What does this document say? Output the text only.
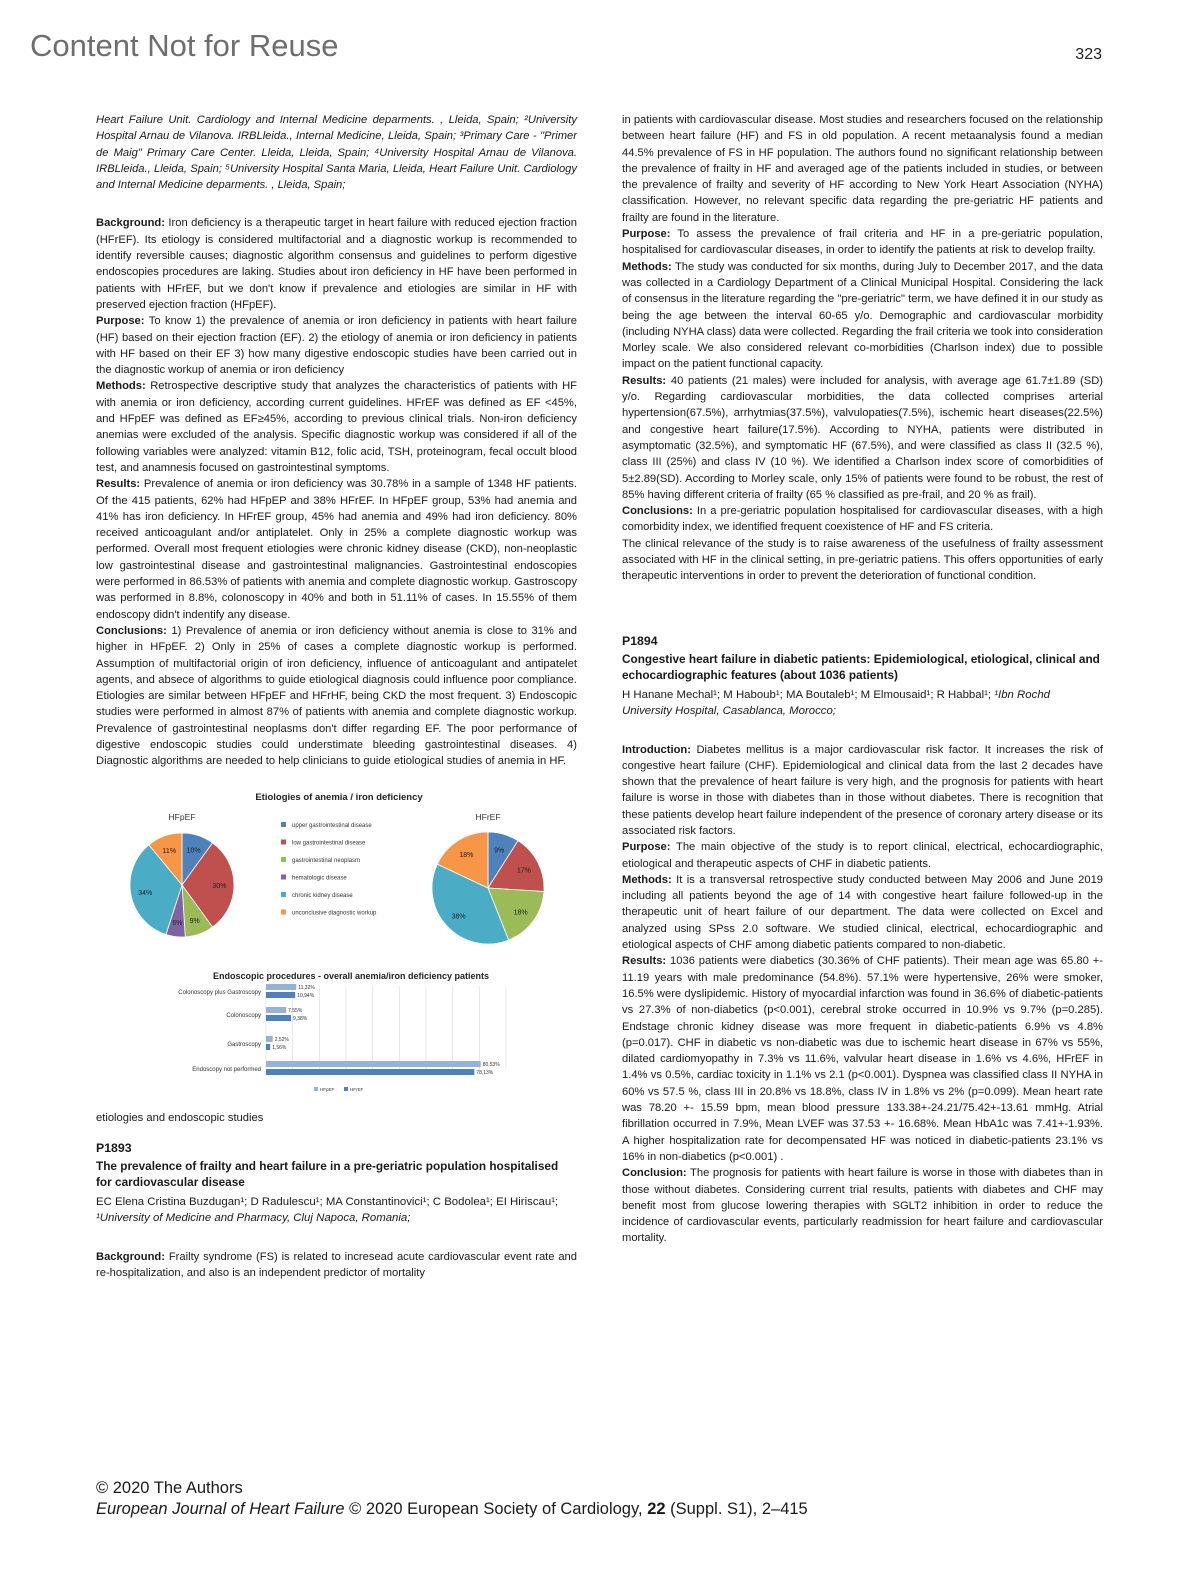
Content Not for Reuse	323

Heart Failure Unit. Cardiology and Internal Medicine deparments. , Lleida, Spain; ²University Hospital Arnau de Vilanova. IRBLleida., Internal Medicine, Lleida, Spain; ³Primary Care - "Primer de Maig" Primary Care Center. Lleida, Lleida, Spain; ⁴University Hospital Arnau de Vilanova. IRBLleida., Lleida, Spain; ⁵University Hospital Santa Maria, Lleida, Heart Failure Unit. Cardiology and Internal Medicine deparments. , Lleida, Spain;

Background: Iron deficiency is a therapeutic target in heart failure with reduced ejection fraction (HFrEF). Its etiology is considered multifactorial and a diagnostic workup is recommended to identify reversible causes; diagnostic algorithm consensus and guidelines to perform digestive endoscopies procedures are laking. Studies about iron deficiency in HF have been performed in patients with HFrEF, but we don't know if prevalence and etiologies are similar in HF with preserved ejection fraction (HFpEF).

Purpose: To know 1) the prevalence of anemia or iron deficiency in patients with heart failure (HF) based on their ejection fraction (EF). 2) the etiology of anemia or iron deficiency in patients with HF based on their EF 3) how many digestive endoscopic studies have been carried out in the diagnostic workup of anemia or iron deficiency

Methods: Retrospective descriptive study that analyzes the characteristics of patients with HF with anemia or iron deficiency, according current guidelines. HFrEF was defined as EF <45%, and HFpEF was defined as EF≥45%, according to previous clinical trials. Non-iron deficiency anemias were excluded of the analysis. Specific diagnostic workup was considered if all of the following variables were analyzed: vitamin B12, folic acid, TSH, proteinogram, fecal occult blood test, and anamnesis focused on gastrointestinal symptoms.

Results: Prevalence of anemia or iron deficiency was 30.78% in a sample of 1348 HF patients. Of the 415 patients, 62% had HFpEP and 38% HFrEF. In HFpEF group, 53% had anemia and 41% has iron deficiency. In HFrEF group, 45% had anemia and 49% had iron deficiency. 80% received anticoagulant and/or antiplatelet. Only in 25% a complete diagnostic workup was performed. Overall most frequent etiologies were chronic kidney disease (CKD), non-neoplastic low gastrointestinal disease and gastrointestinal malignancies. Gastrointestinal endoscopies were performed in 86.53% of patients with anemia and complete diagnostic workup. Gastroscopy was performed in 8.8%, colonoscopy in 40% and both in 51.11% of cases. In 15.55% of them endoscopy didn't indentify any disease.

Conclusions: 1) Prevalence of anemia or iron deficiency without anemia is close to 31% and higher in HFpEF. 2) Only in 25% of cases a complete diagnostic workup is performed. Assumption of multifactorial origin of iron deficiency, influence of anticoagulant and antipatelet agents, and absece of algorithms to guide etiological diagnosis could influence poor compliance. Etiologies are similar between HFpEF and HFrHF, being CKD the most frequent. 3) Endoscopic studies were performed in almost 87% of patients with anemia and complete diagnostic workup. Prevalence of gastrointestinal neoplasms don't differ regarding EF. The poor performance of digestive endoscopic studies could understimate bleeding gastrointestinal diseases. 4) Diagnostic algorithms are needed to help clinicians to guide etiological studies of anemia in HF.

Etiologies of anemia / iron deficiency
HFpEF
10%
30%
9%
6%
34%
11%
HFrEF
9%
17%
18%
38%
18%
upper gastrointestinal disease
low gastrointestinal disease
gastrointestinal neoplasm
hematologic disease
chronic kidney disease
unconclusive diagnostic workup
Endoscopic procedures - overall anemia/iron deficiency patients
Colonoscopy plus Gastroscopy
11,32%
10,94%
Colonoscopy
7,55%
9,38%
Gastroscopy
2,52%
1,56%
Endoscopy not performed
80,53%
78,13%
HFpEF	HFrEF

etiologies and endoscopic studies

P1893

The prevalence of frailty and heart failure in a pre-geriatric population hospitalised for cardiovascular disease

EC Elena Cristina Buzdugan¹; D Radulescu¹; MA Constantinovici¹; C Bodolea¹; EI Hiriscau¹; ¹University of Medicine and Pharmacy, Cluj Napoca, Romania;

Background: Frailty syndrome (FS) is related to incresead acute cardiovascular event rate and re-hospitalization, and also is an independent predictor of mortality

in patients with cardiovascular disease. Most studies and researchers focused on the relationship between heart failure (HF) and FS in old population. A recent metaanalysis found a median 44.5% prevalence of FS in HF population. The authors found no significant relationship between the prevalence of frailty in HF and averaged age of the patients included in studies, or between the prevalence of frailty and severity of HF according to New York Heart Association (NYHA) classification. However, no relevant specific data regarding the pre-geriatric HF patients and frailty are found in the literature.

Purpose: To assess the prevalence of frail criteria and HF in a pre-geriatric population, hospitalised for cardiovascular diseases, in order to identify the patients at risk to develop frailty.

Methods: The study was conducted for six months, during July to December 2017, and the data was collected in a Cardiology Department of a Clinical Municipal Hospital. Considering the lack of consensus in the literature regarding the "pre-geriatric" term, we have defined it in our study as being the age between the interval 60-65 y/o. Demographic and cardiovascular morbidity (including NYHA class) data were collected. Regarding the frail criteria we took into consideration Morley scale. We also considered relevant co-morbidities (Charlson index) due to possible impact on the patient functional capacity.

Results: 40 patients (21 males) were included for analysis, with average age 61.7±1.89 (SD) y/o. Regarding cardiovascular morbidities, the data collected comprises arterial hypertension(67.5%), arrhytmias(37.5%), valvulopaties(7.5%), ischemic heart diseases(22.5%) and congestive heart failure(17.5%). According to NYHA, patients were distributed in asymptomatic (32.5%), and symptomatic HF (67.5%), and were classified as class II (32.5 %), class III (25%) and class IV (10 %). We identified a Charlson index score of comorbidities of 5±2.89(SD). According to Morley scale, only 15% of patients were found to be robust, the rest of 85% having different criteria of frailty (65 % classified as pre-frail, and 20 % as frail).

Conclusions: In a pre-geriatric population hospitalised for cardiovascular diseases, with a high comorbidity index, we identified frequent coexistence of HF and FS criteria.

The clinical relevance of the study is to raise awareness of the usefulness of frailty assessment associated with HF in the clinical setting, in pre-geriatric patiens. This offers opportunities of early therapeutic interventions in order to prevent the deterioration of functional condition.

P1894

Congestive heart failure in diabetic patients: Epidemiological, etiological, clinical and echocardiographic features (about 1036 patients)

H Hanane Mechal¹; M Haboub¹; MA Boutaleb¹; M Elmousaid¹; R Habbal¹; ¹Ibn Rochd University Hospital, Casablanca, Morocco;

Introduction: Diabetes mellitus is a major cardiovascular risk factor. It increases the risk of congestive heart failure (CHF). Epidemiological and clinical data from the last 2 decades have shown that the prevalence of heart failure is very high, and the prognosis for patients with heart failure is worse in those with diabetes than in those without diabetes. There is recognition that these patients develop heart failure independent of the presence of coronary artery disease or its associated risk factors.

Purpose: The main objective of the study is to report clinical, electrical, echocardiographic, etiological and therapeutic aspects of CHF in diabetic patients.

Methods: It is a transversal retrospective study conducted between May 2006 and June 2019 including all patients beyond the age of 14 with congestive heart failure followed-up in the therapeutic unit of heart failure of our department. The data were collected on Excel and analyzed using SPss 2.0 software. We studied clinical, electrical, echocardiographic and etiological aspects of CHF among diabetic patients compared to non-diabetic.

Results: 1036 patients were diabetics (30.36% of CHF patients). Their mean age was 65.80 +- 11.19 years with male predominance (54.8%). 57.1% were hypertensive, 26% were smoker, 16.5% were dyslipidemic. History of myocardial infarction was found in 36.6% of diabetic-patients vs 27.3% of non-diabetics (p<0.001), cerebral stroke occurred in 10.9% vs 9.7% (p=0.285). Endstage chronic kidney disease was more frequent in diabetic-patients 6.9% vs 4.8% (p=0.017). CHF in diabetic vs non-diabetic was due to ischemic heart disease in 67% vs 55%, dilated cardiomyopathy in 7.3% vs 11.6%, valvular heart disease in 1.6% vs 4.6%, HFrEF in 1.4% vs 0.5%, cardiac toxicity in 1.1% vs 2.1 (p<0.001). Dyspnea was classified class II NYHA in 60% vs 57.5 %, class III in 20.8% vs 18.8%, class IV in 1.8% vs 2% (p=0.099). Mean heart rate was 78.20 +- 15.59 bpm, mean blood pressure 133.38+-24.21/75.42+-13.61 mmHg. Atrial fibrillation occurred in 7.9%, Mean LVEF was 37.53 +- 16.68%. Mean HbA1c was 7.41+-1.93%. A higher hospitalization rate for decompensated HF was noticed in diabetic-patients 23.1% vs 16% in non-diabetics (p<0.001) .

Conclusion: The prognosis for patients with heart failure is worse in those with diabetes than in those without diabetes. Considering current trial results, patients with diabetes and CHF may benefit most from glucose lowering therapies with SGLT2 inhibition in order to reduce the incidence of cardiovascular events, particularly readmission for heart failure and cardiovascular mortality.

© 2020 The Authors
European Journal of Heart Failure © 2020 European Society of Cardiology, 22 (Suppl. S1), 2–415
